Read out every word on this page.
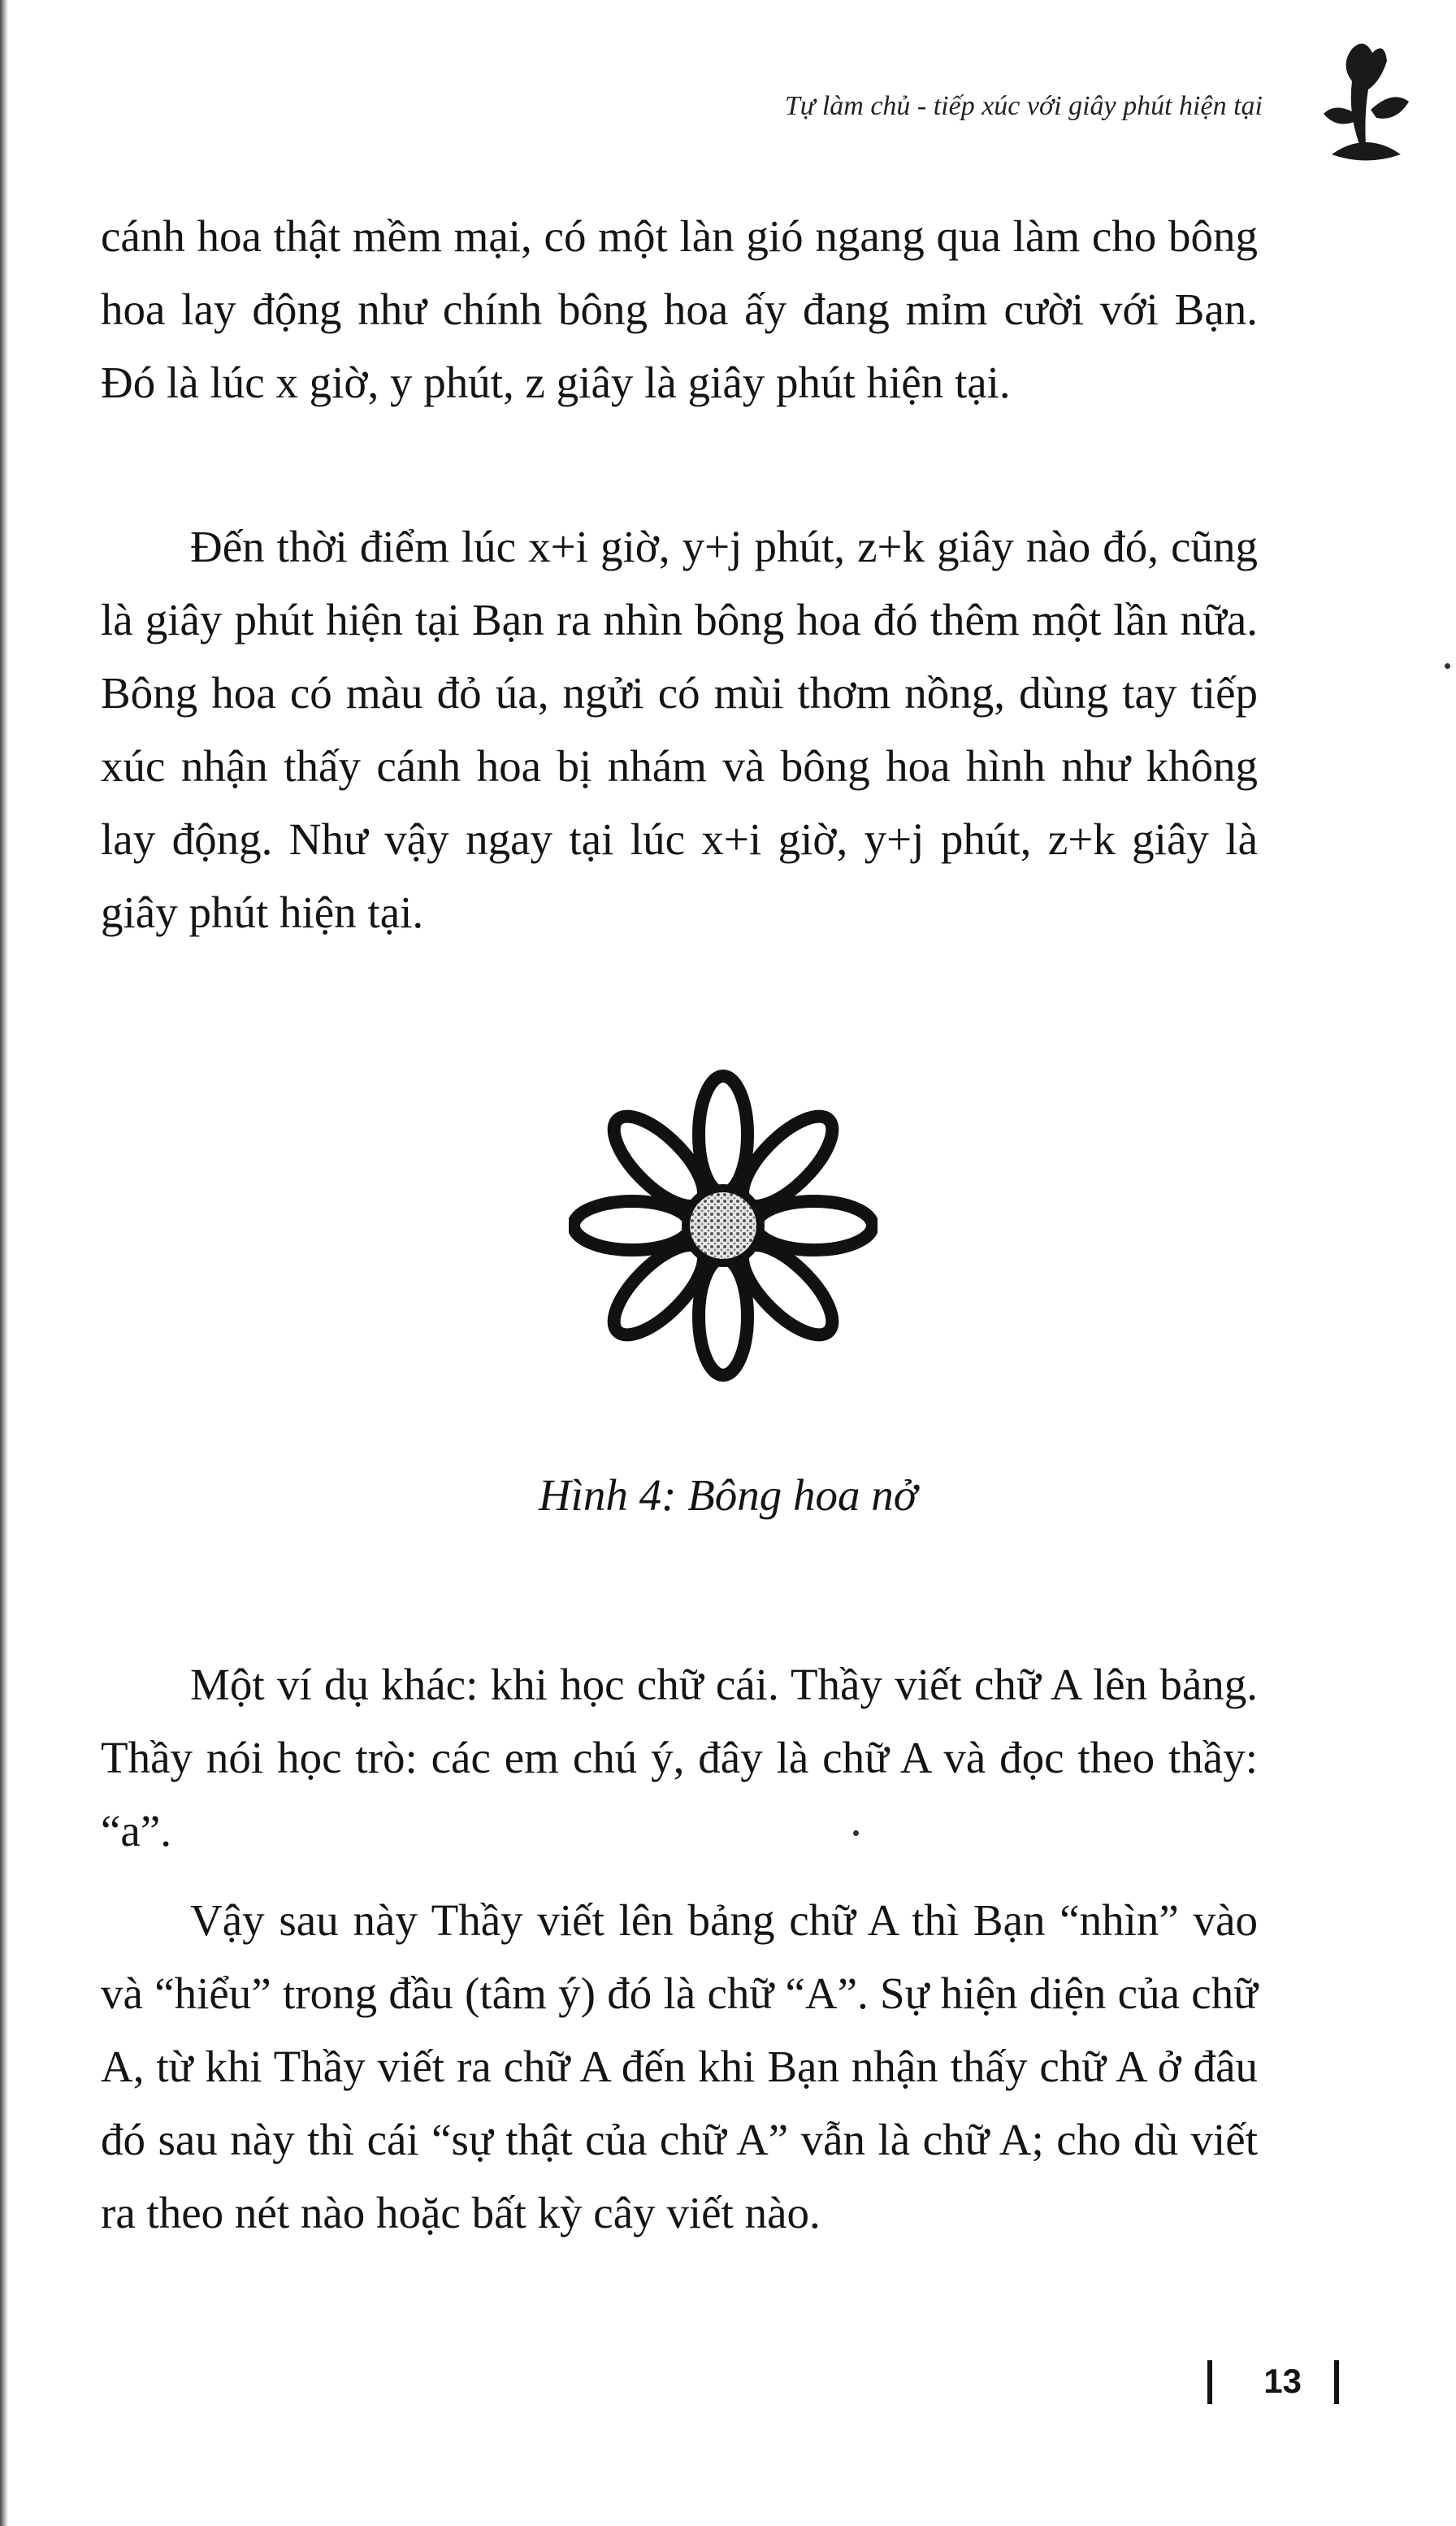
Tự làm chủ - tiếp xúc với giây phút hiện tại

cánh hoa thật mềm mại, có một làn gió ngang qua làm cho bông hoa lay động như chính bông hoa ấy đang mỉm cười với Bạn. Đó là lúc x giờ, y phút, z giây là giây phút hiện tại.

Đến thời điểm lúc x+i giờ, y+j phút, z+k giây nào đó, cũng là giây phút hiện tại Bạn ra nhìn bông hoa đó thêm một lần nữa. Bông hoa có màu đỏ úa, ngửi có mùi thơm nồng, dùng tay tiếp xúc nhận thấy cánh hoa bị nhám và bông hoa hình như không lay động. Như vậy ngay tại lúc x+i giờ, y+j phút, z+k giây là giây phút hiện tại.

Hình 4: Bông hoa nở

Một ví dụ khác: khi học chữ cái. Thầy viết chữ A lên bảng. Thầy nói học trò: các em chú ý, đây là chữ A và đọc theo thầy: “a”.

Vậy sau này Thầy viết lên bảng chữ A thì Bạn “nhìn” vào và “hiểu” trong đầu (tâm ý) đó là chữ “A”. Sự hiện diện của chữ A, từ khi Thầy viết ra chữ A đến khi Bạn nhận thấy chữ A ở đâu đó sau này thì cái “sự thật của chữ A” vẫn là chữ A; cho dù viết ra theo nét nào hoặc bất kỳ cây viết nào.

13
